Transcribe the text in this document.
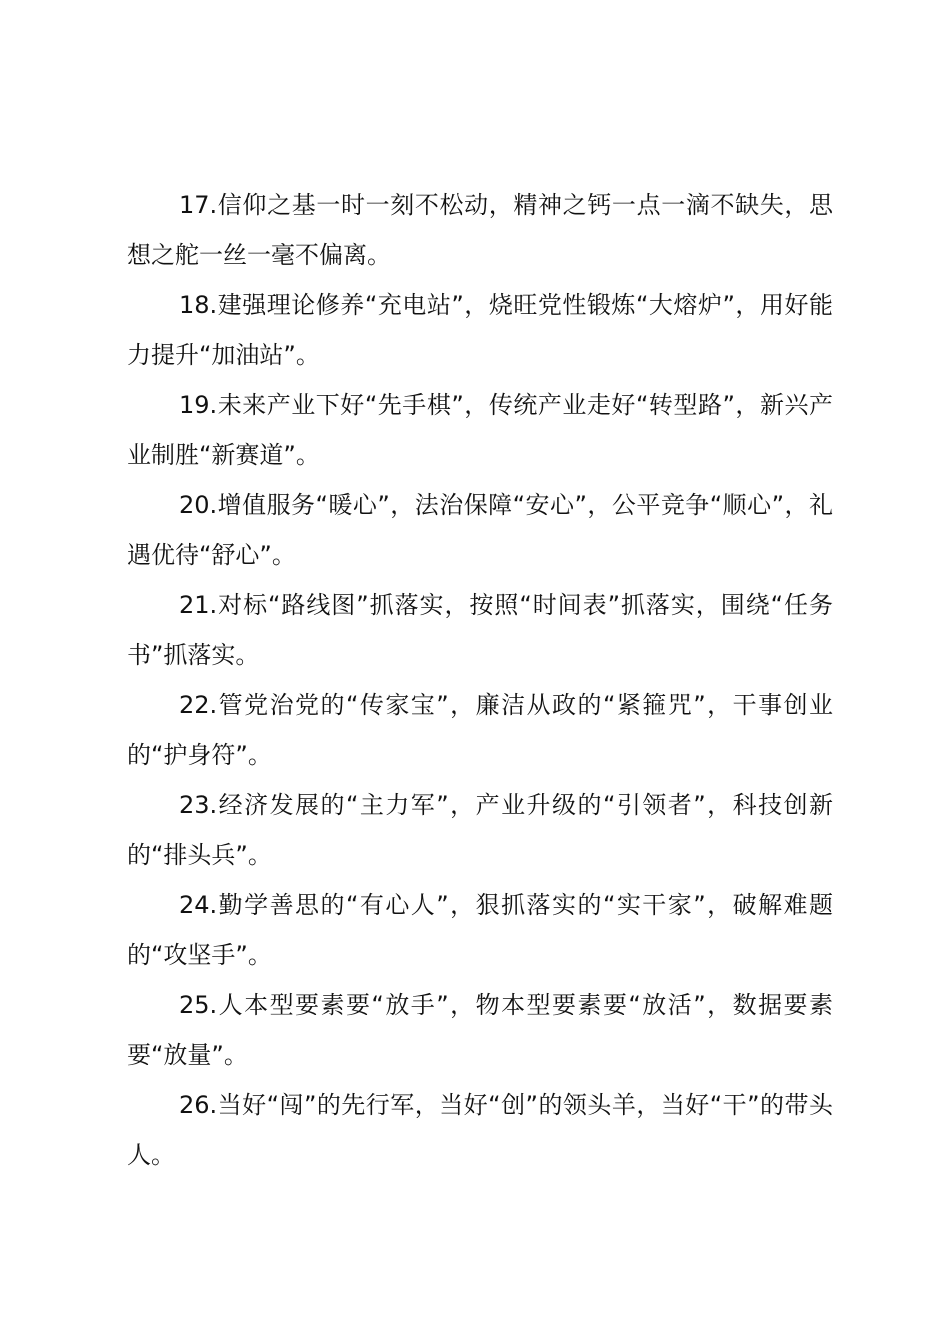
17.信仰之基一时一刻不松动，精神之钙一点一滴不缺失，思想之舵一丝一毫不偏离。

18.建强理论修养“充电站”，烧旺党性锻炼“大熔炉”，用好能力提升“加油站”。

19.未来产业下好“先手棋”，传统产业走好“转型路”，新兴产业制胜“新赛道”。

20.增值服务“暖心”，法治保障“安心”，公平竞争“顺心”，礼遇优待“舒心”。

21.对标“路线图”抓落实，按照“时间表”抓落实，围绕“任务书”抓落实。

22.管党治党的“传家宝”，廉洁从政的“紧箍咒”，干事创业的“护身符”。

23.经济发展的“主力军”，产业升级的“引领者”，科技创新的“排头兵”。

24.勤学善思的“有心人”，狠抓落实的“实干家”，破解难题的“攻坚手”。

25.人本型要素要“放手”，物本型要素要“放活”，数据要素要“放量”。

26.当好“闯”的先行军，当好“创”的领头羊，当好“干”的带头人。
